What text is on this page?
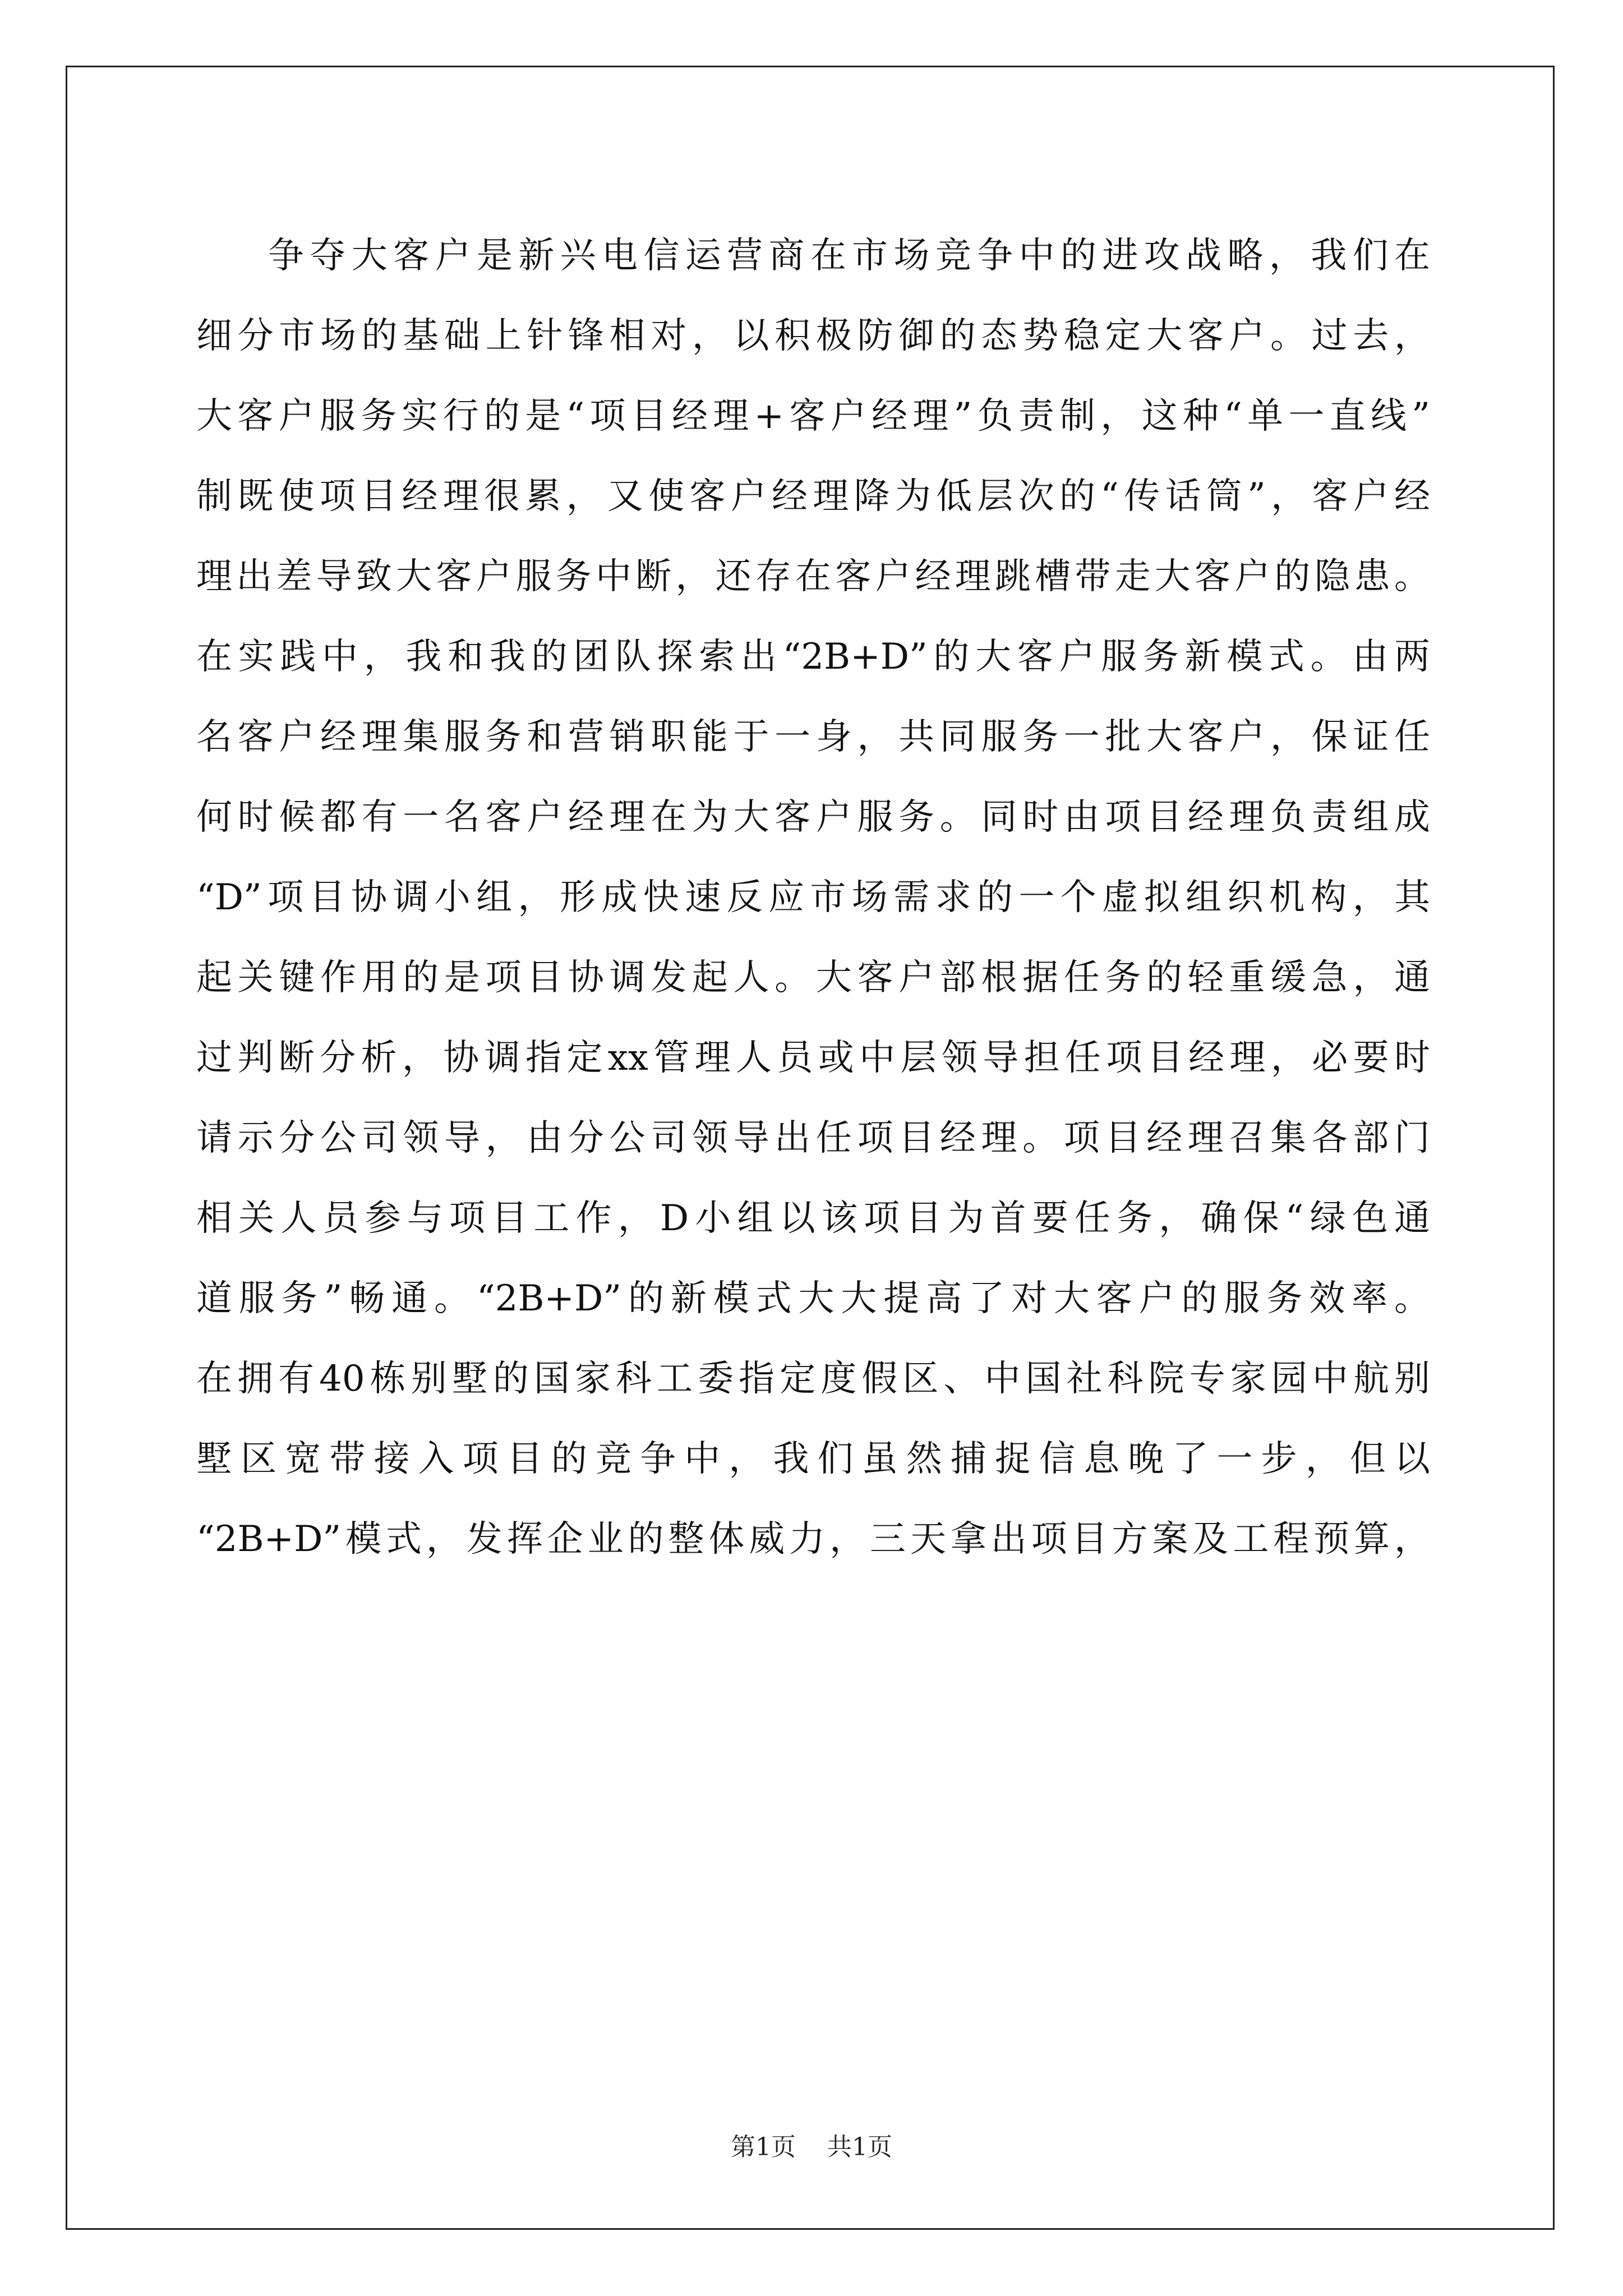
争夺大客户是新兴电信运营商在市场竞争中的进攻战略，我们在
细分市场的基础上针锋相对，以积极防御的态势稳定大客户。过去，
大客户服务实行的是“项目经理+客户经理”负责制，这种“单一直线”
制既使项目经理很累，又使客户经理降为低层次的“传话筒”，客户经
理出差导致大客户服务中断，还存在客户经理跳槽带走大客户的隐患。
在实践中，我和我的团队探索出“2B+D”的大客户服务新模式。由两
名客户经理集服务和营销职能于一身，共同服务一批大客户，保证任
何时候都有一名客户经理在为大客户服务。同时由项目经理负责组成
“D”项目协调小组，形成快速反应市场需求的一个虚拟组织机构，其
起关键作用的是项目协调发起人。大客户部根据任务的轻重缓急，通
过判断分析，协调指定xx管理人员或中层领导担任项目经理，必要时
请示分公司领导，由分公司领导出任项目经理。项目经理召集各部门
相关人员参与项目工作，D小组以该项目为首要任务，确保“绿色通
道服务”畅通。“2B+D”的新模式大大提高了对大客户的服务效率。
在拥有40栋别墅的国家科工委指定度假区、中国社科院专家园中航别
墅区宽带接入项目的竞争中，我们虽然捕捉信息晚了一步，但以
“2B+D”模式，发挥企业的整体威力，三天拿出项目方案及工程预算，
第1页 共1页
